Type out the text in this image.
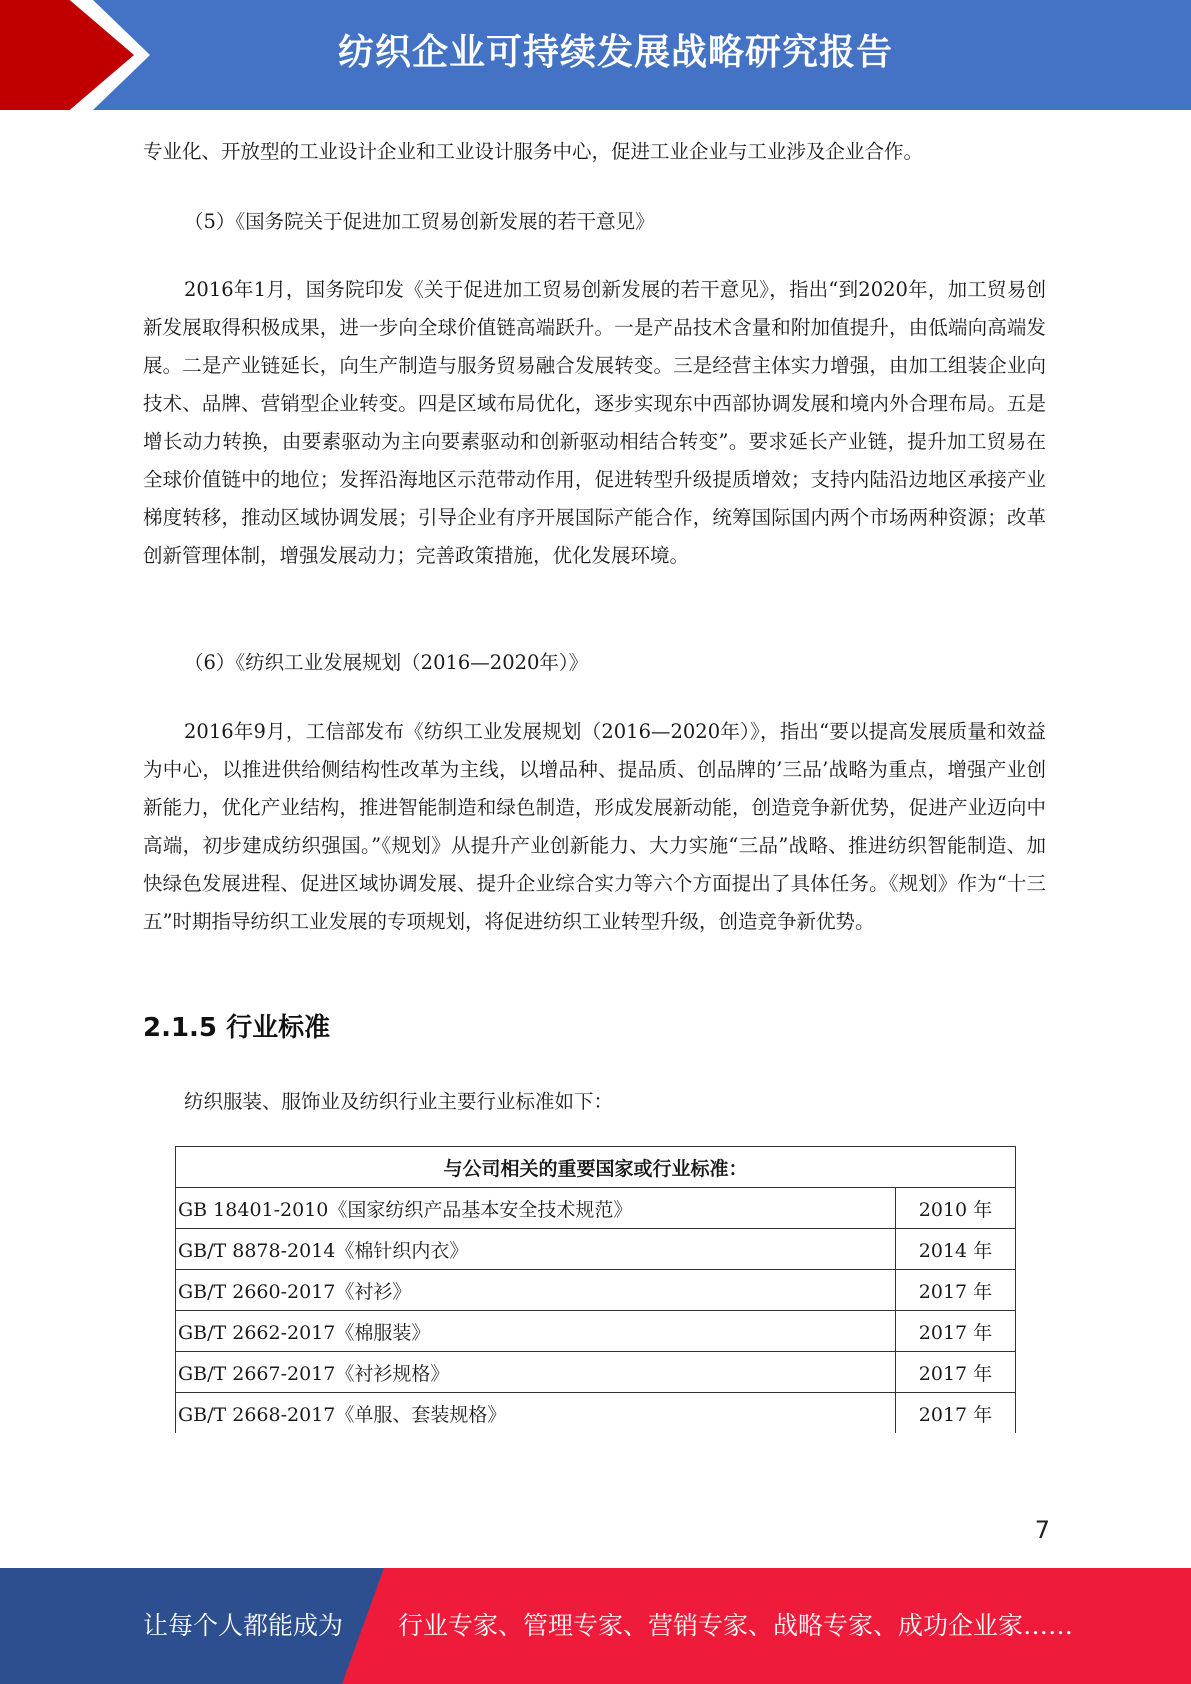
纺织企业可持续发展战略研究报告
专业化、开放型的工业设计企业和工业设计服务中心，促进工业企业与工业涉及企业合作。
（5）《国务院关于促进加工贸易创新发展的若干意见》
2016年1月，国务院印发《关于促进加工贸易创新发展的若干意见》，指出“到2020年，加工贸易创新发展取得积极成果，进一步向全球价值链高端跃升。一是产品技术含量和附加值提升，由低端向高端发展。二是产业链延长，向生产制造与服务贸易融合发展转变。三是经营主体实力增强，由加工组装企业向技术、品牌、营销型企业转变。四是区域布局优化，逐步实现东中西部协调发展和境内外合理布局。五是增长动力转换，由要素驱动为主向要素驱动和创新驱动相结合转变”。要求延长产业链，提升加工贸易在全球价值链中的地位；发挥沿海地区示范带动作用，促进转型升级提质增效；支持内陆沿边地区承接产业梯度转移，推动区域协调发展；引导企业有序开展国际产能合作，统筹国际国内两个市场两种资源；改革创新管理体制，增强发展动力；完善政策措施，优化发展环境。
（6）《纺织工业发展规划（2016—2020年）》
2016年9月，工信部发布《纺织工业发展规划（2016—2020年）》，指出“要以提高发展质量和效益为中心，以推进供给侧结构性改革为主线，以增品种、提品质、创品牌的’三品’战略为重点，增强产业创新能力，优化产业结构，推进智能制造和绿色制造，形成发展新动能，创造竞争新优势，促进产业迈向中高端，初步建成纺织强国。”《规划》从提升产业创新能力、大力实施“三品”战略、推进纺织智能制造、加快绿色发展进程、促进区域协调发展、提升企业综合实力等六个方面提出了具体任务。《规划》作为“十三五”时期指导纺织工业发展的专项规划，将促进纺织工业转型升级，创造竞争新优势。
2.1.5 行业标准
纺织服装、服饰业及纺织行业主要行业标准如下：
与公司相关的重要国家或行业标准：	
GB 18401-2010《国家纺织产品基本安全技术规范》	2010 年
GB/T 8878-2014《棉针织内衣》	2014 年
GB/T 2660-2017《衬衫》	2017 年
GB/T 2662-2017《棉服装》	2017 年
GB/T 2667-2017《衬衫规格》	2017 年
GB/T 2668-2017《单服、套装规格》	2017 年
7
让每个人都能成为 行业专家、管理专家、营销专家、战略专家、成功企业家……
